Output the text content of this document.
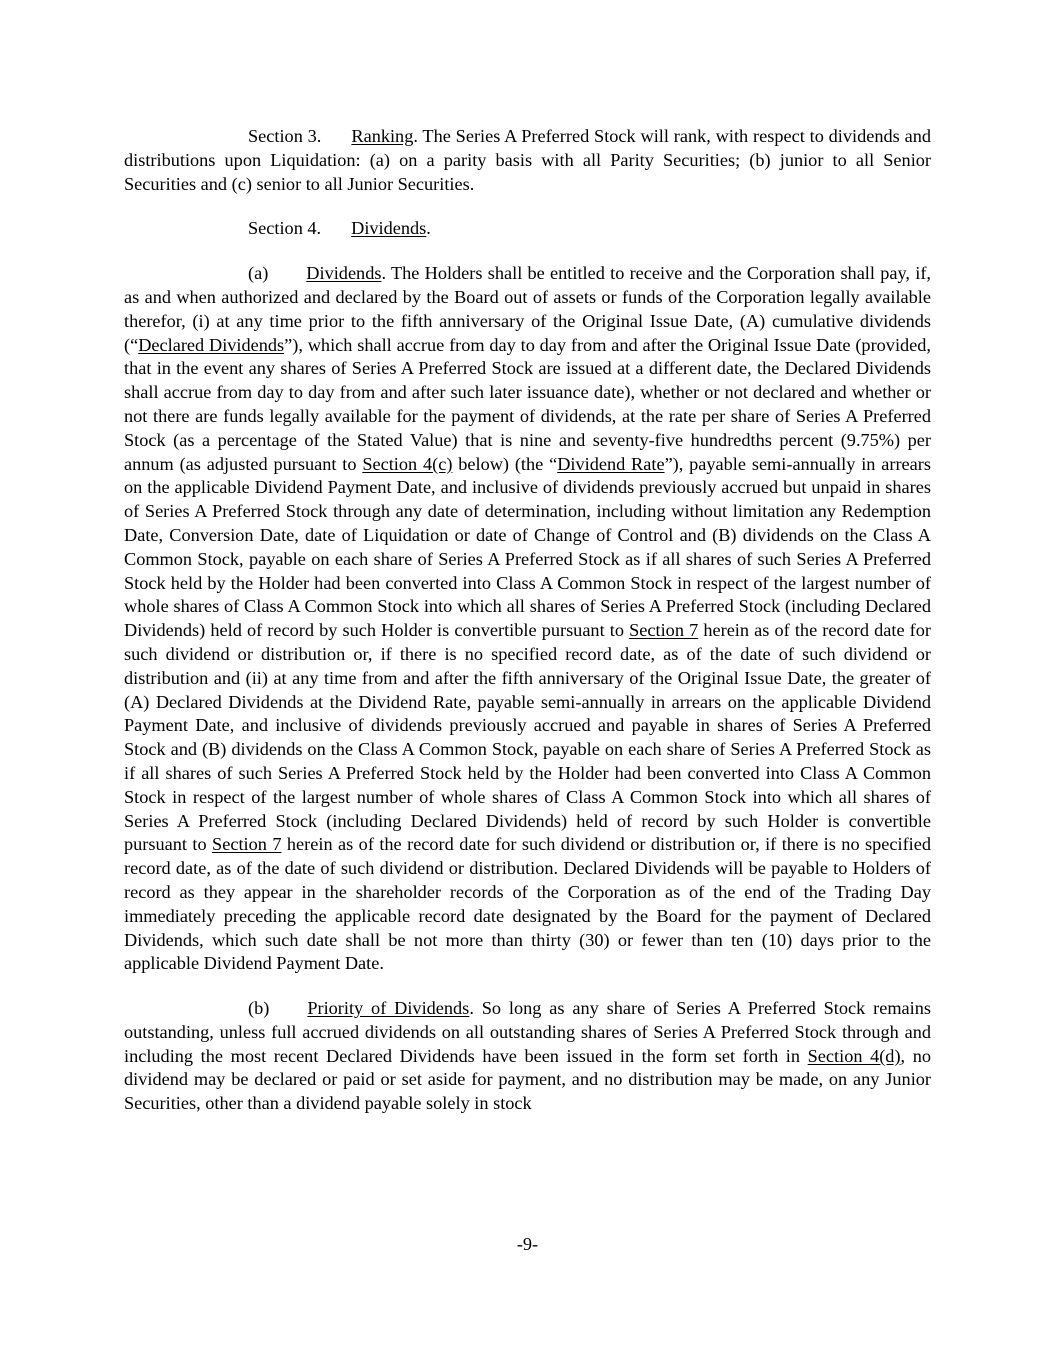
Section 3. Ranking. The Series A Preferred Stock will rank, with respect to dividends and distributions upon Liquidation: (a) on a parity basis with all Parity Securities; (b) junior to all Senior Securities and (c) senior to all Junior Securities.

Section 4. Dividends.

(a) Dividends. The Holders shall be entitled to receive and the Corporation shall pay, if, as and when authorized and declared by the Board out of assets or funds of the Corporation legally available therefor, (i) at any time prior to the fifth anniversary of the Original Issue Date, (A) cumulative dividends (“Declared Dividends”), which shall accrue from day to day from and after the Original Issue Date (provided, that in the event any shares of Series A Preferred Stock are issued at a different date, the Declared Dividends shall accrue from day to day from and after such later issuance date), whether or not declared and whether or not there are funds legally available for the payment of dividends, at the rate per share of Series A Preferred Stock (as a percentage of the Stated Value) that is nine and seventy-five hundredths percent (9.75%) per annum (as adjusted pursuant to Section 4(c) below) (the “Dividend Rate”), payable semi-annually in arrears on the applicable Dividend Payment Date, and inclusive of dividends previously accrued but unpaid in shares of Series A Preferred Stock through any date of determination, including without limitation any Redemption Date, Conversion Date, date of Liquidation or date of Change of Control and (B) dividends on the Class A Common Stock, payable on each share of Series A Preferred Stock as if all shares of such Series A Preferred Stock held by the Holder had been converted into Class A Common Stock in respect of the largest number of whole shares of Class A Common Stock into which all shares of Series A Preferred Stock (including Declared Dividends) held of record by such Holder is convertible pursuant to Section 7 herein as of the record date for such dividend or distribution or, if there is no specified record date, as of the date of such dividend or distribution and (ii) at any time from and after the fifth anniversary of the Original Issue Date, the greater of (A) Declared Dividends at the Dividend Rate, payable semi-annually in arrears on the applicable Dividend Payment Date, and inclusive of dividends previously accrued and payable in shares of Series A Preferred Stock and (B) dividends on the Class A Common Stock, payable on each share of Series A Preferred Stock as if all shares of such Series A Preferred Stock held by the Holder had been converted into Class A Common Stock in respect of the largest number of whole shares of Class A Common Stock into which all shares of Series A Preferred Stock (including Declared Dividends) held of record by such Holder is convertible pursuant to Section 7 herein as of the record date for such dividend or distribution or, if there is no specified record date, as of the date of such dividend or distribution. Declared Dividends will be payable to Holders of record as they appear in the shareholder records of the Corporation as of the end of the Trading Day immediately preceding the applicable record date designated by the Board for the payment of Declared Dividends, which such date shall be not more than thirty (30) or fewer than ten (10) days prior to the applicable Dividend Payment Date.

(b) Priority of Dividends. So long as any share of Series A Preferred Stock remains outstanding, unless full accrued dividends on all outstanding shares of Series A Preferred Stock through and including the most recent Declared Dividends have been issued in the form set forth in Section 4(d), no dividend may be declared or paid or set aside for payment, and no distribution may be made, on any Junior Securities, other than a dividend payable solely in stock

-9-
